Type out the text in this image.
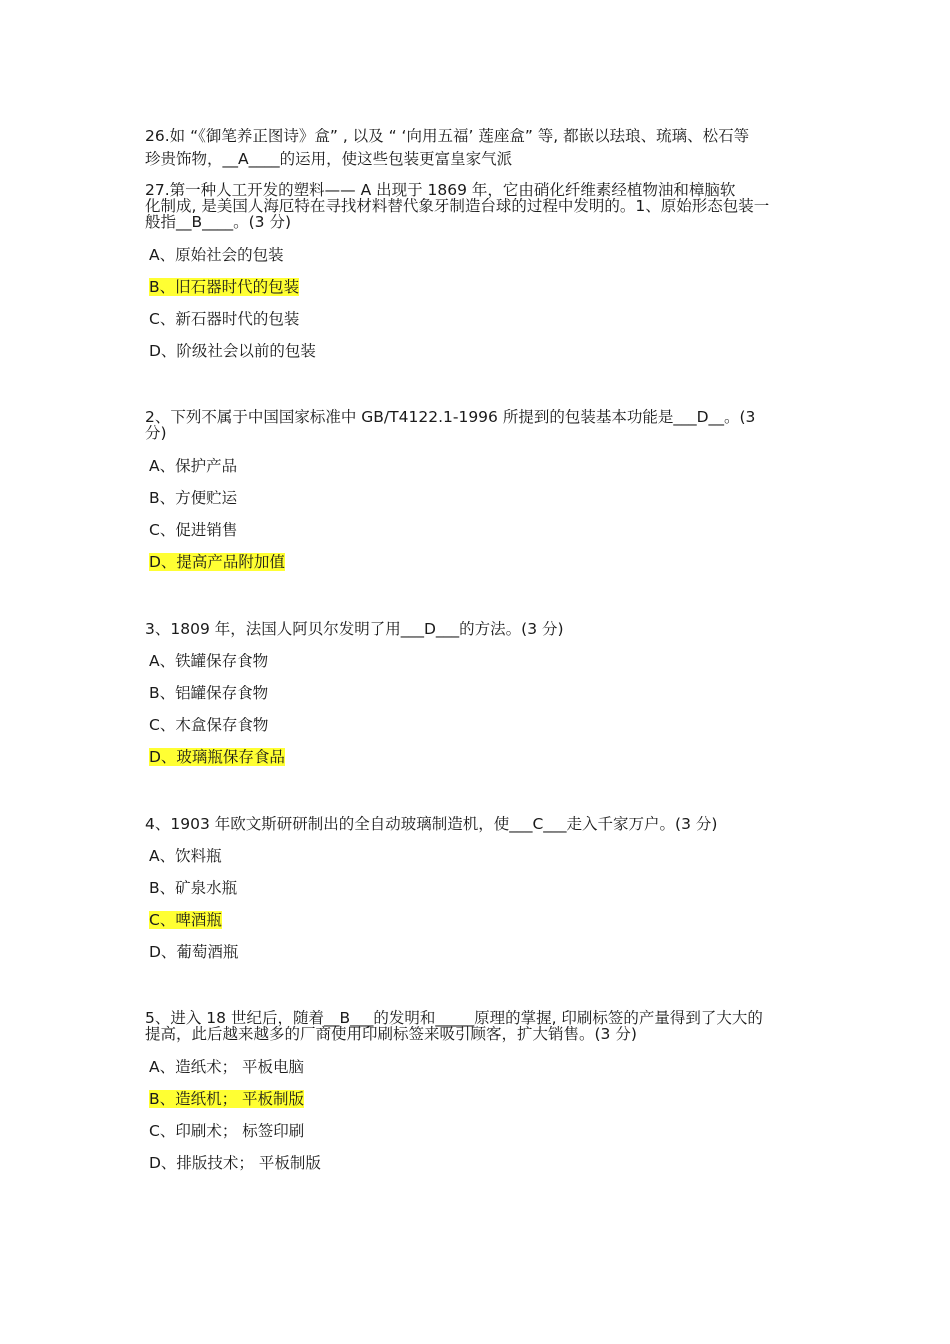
26.如 “《御笔养正图诗》盒” , 以及 “ ‘向用五福’ 莲座盒” 等, 都嵌以珐琅、琉璃、松石等
珍贵饰物，__A____的运用，使这些包装更富皇家气派
27.第一种人工开发的塑料—— A 出现于 1869 年，它由硝化纤维素经植物油和樟脑软
化制成, 是美国人海厄特在寻找材料替代象牙制造台球的过程中发明的。1、原始形态包装一
般指__B____。(3 分)
A、原始社会的包装
B、旧石器时代的包装
C、新石器时代的包装
D、阶级社会以前的包装
2、下列不属于中国国家标准中 GB/T4122.1-1996 所提到的包装基本功能是___D__。(3
分)
A、保护产品
B、方便贮运
C、促进销售
D、提高产品附加值
3、1809 年，法国人阿贝尔发明了用___D___的方法。(3 分)
A、铁罐保存食物
B、铝罐保存食物
C、木盒保存食物
D、玻璃瓶保存食品
4、1903 年欧文斯研研制出的全自动玻璃制造机，使___C___走入千家万户。(3 分)
A、饮料瓶
B、矿泉水瓶
C、啤酒瓶
D、葡萄酒瓶
5、进入 18 世纪后，随着__B___的发明和_____原理的掌握, 印刷标签的产量得到了大大的
提高，此后越来越多的厂商使用印刷标签来吸引顾客，扩大销售。(3 分)
A、造纸术； 平板电脑
B、造纸机； 平板制版
C、印刷术； 标签印刷
D、排版技术； 平板制版
